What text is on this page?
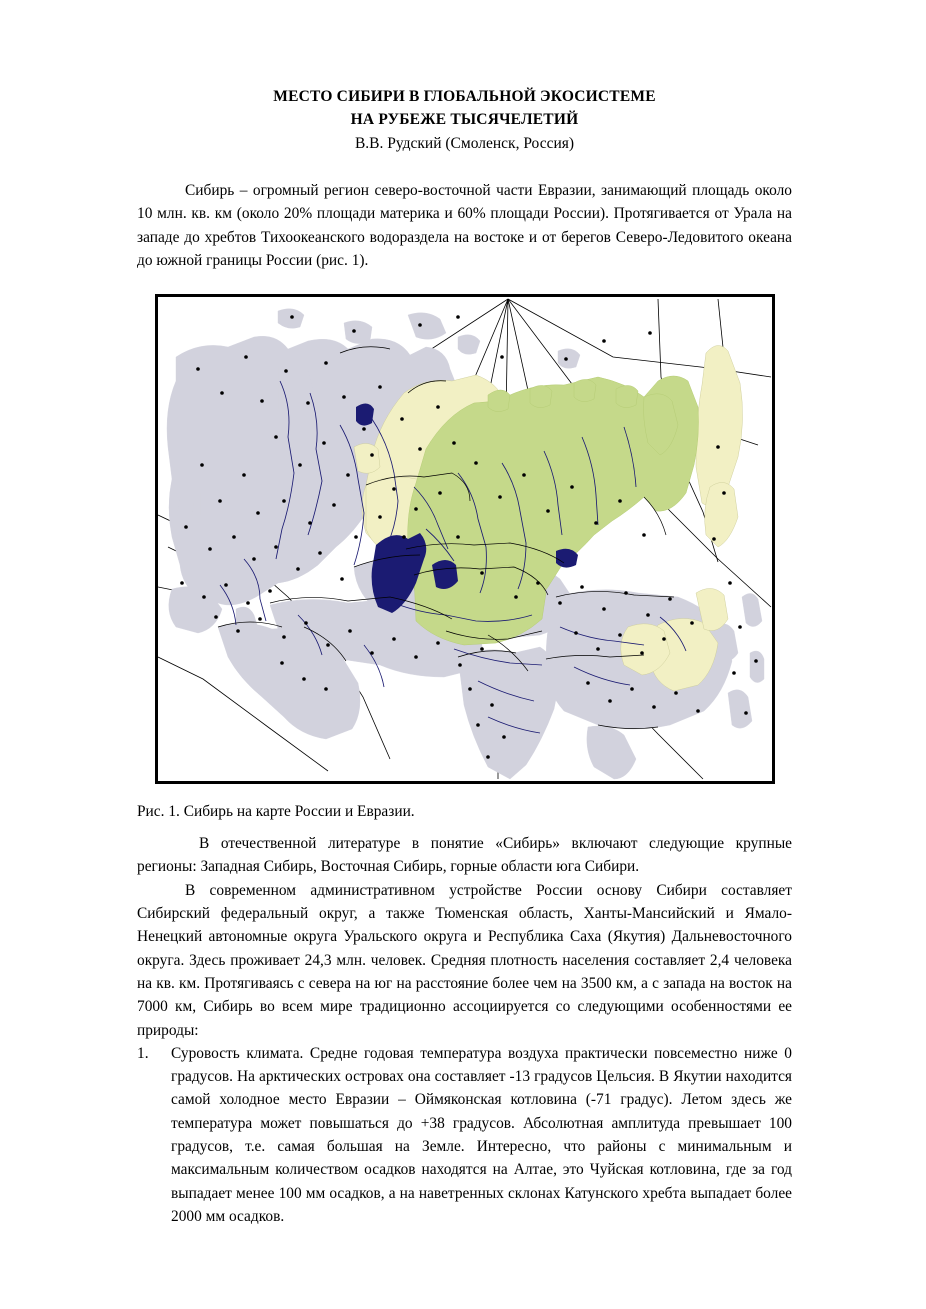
МЕСТО СИБИРИ В ГЛОБАЛЬНОЙ ЭКОСИСТЕМЕ
НА РУБЕЖЕ ТЫСЯЧЕЛЕТИЙ
В.В. Рудский (Смоленск, Россия)

Сибирь – огромный регион северо-восточной части Евразии, занимающий площадь около 10 млн. кв. км (около 20% площади материка и 60% площади России). Протягивается от Урала на западе до хребтов Тихоокеанского водораздела на востоке и от берегов Северо-Ледовитого океана до южной границы России (рис. 1).

Рис. 1. Сибирь на карте России и Евразии.

В отечественной литературе в понятие «Сибирь» включают следующие крупные регионы: Западная Сибирь, Восточная Сибирь, горные области юга Сибири.

В современном административном устройстве России основу Сибири составляет Сибирский федеральный округ, а также Тюменская область, Ханты-Мансийский и Ямало-Ненецкий автономные округа Уральского округа и Республика Саха (Якутия) Дальневосточного округа. Здесь проживает 24,3 млн. человек. Средняя плотность населения составляет 2,4 человека на кв. км. Протягиваясь с севера на юг на расстояние более чем на 3500 км, а с запада на восток на 7000 км, Сибирь во всем мире традиционно ассоциируется со следующими особенностями ее природы:

1. Суровость климата. Средне годовая температура воздуха практически повсеместно ниже 0 градусов. На арктических островах она составляет -13 градусов Цельсия. В Якутии находится самой холодное место Евразии – Оймяконская котловина (-71 градус). Летом здесь же температура может повышаться до +38 градусов. Абсолютная амплитуда превышает 100 градусов, т.е. самая большая на Земле. Интересно, что районы с минимальным и максимальным количеством осадков находятся на Алтае, это Чуйская котловина, где за год выпадает менее 100 мм осадков, а на наветренных склонах Катунского хребта выпадает более 2000 мм осадков.
